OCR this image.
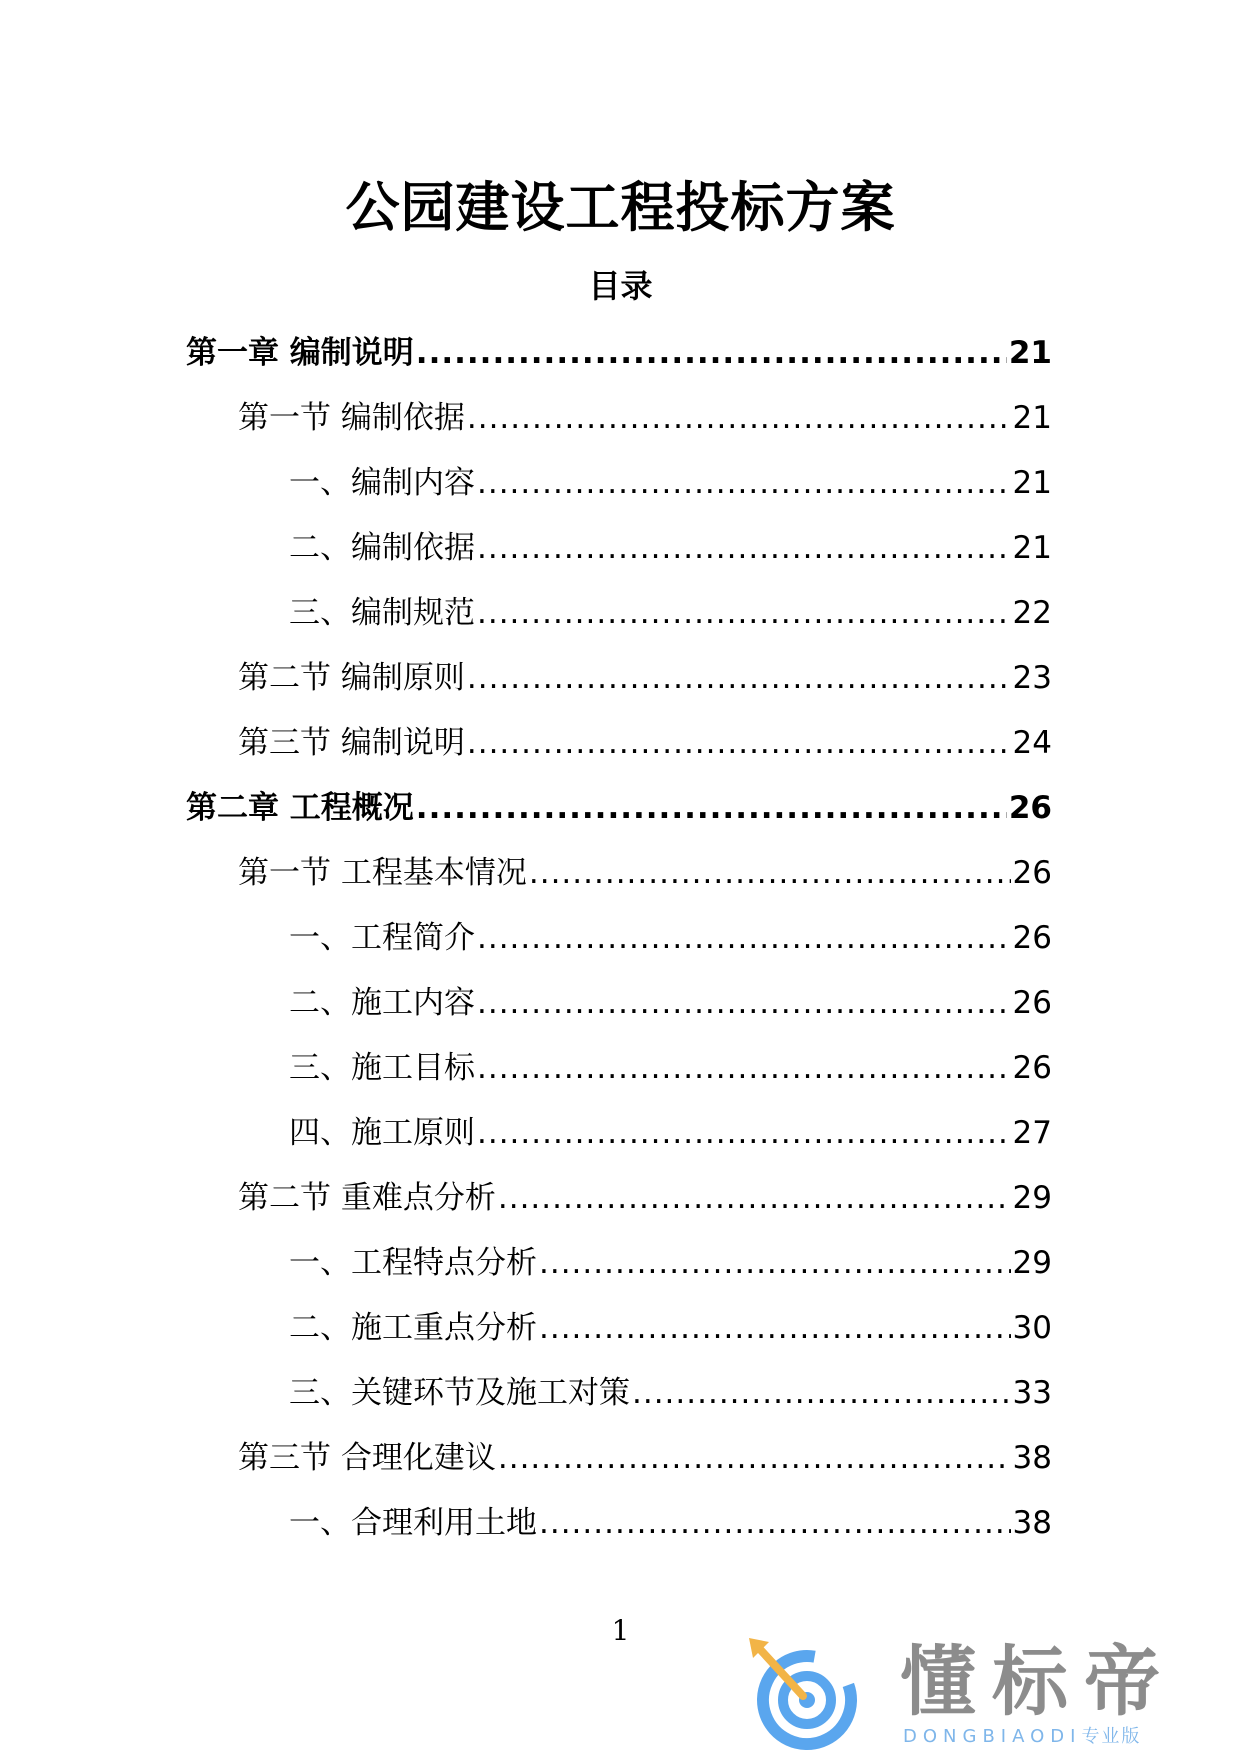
公园建设工程投标方案
目录
第一章 编制说明 .....	21
第一节 编制依据 .....	21
一、编制内容 .....	21
二、编制依据 .....	21
三、编制规范 .....	22
第二节 编制原则 .....	23
第三节 编制说明 .....	24
第二章 工程概况 .....	26
第一节 工程基本情况 .....	26
一、工程简介 .....	26
二、施工内容 .....	26
三、施工目标 .....	26
四、施工原则 .....	27
第二节 重难点分析 .....	29
一、工程特点分析 .....	29
二、施工重点分析 .....	30
三、关键环节及施工对策 .....	33
第三节 合理化建议 .....	38
一、合理利用土地 .....	38
1
懂标帝
DONGBIAODI专业版
